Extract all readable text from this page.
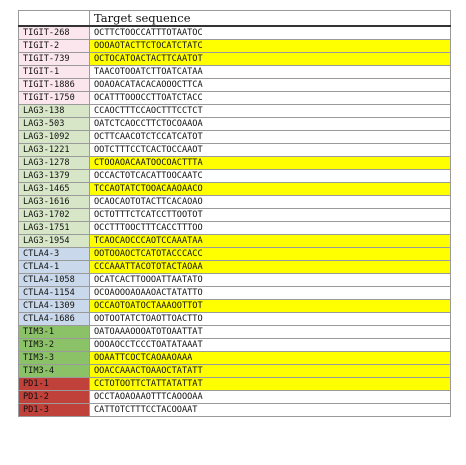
	Target sequence
TIGIT-268	OCTTCTOOCCATTTOTAATOC
TIGIT-2	OOOAOTACTTCTOCATCTATC
TIGIT-739	OCTOCATOACTACTTCAATOT
TIGIT-1	TAACOTOOATCTTOATCATAA
TIGIT-1886	OOAOACATACACAOOOCTTCA
TIGIT-1750	OCATTTOOOCCTTOATCTACC
LAG3-138	CCAOCTTTCCAOCTTTCCTCT
LAG3-503	OATCTCAOCCTTCTOCOAAOA
LAG3-1092	OCTTCAACOTCTCCATCATOT
LAG3-1221	OOTCTTTCCTCACTOCCAAOT
LAG3-1278	CTOOAOACAATOOCOACTTTA
LAG3-1379	OCCACTOTCACATTOOCAATC
LAG3-1465	TCCAOTATCTOOACAAOAACO
LAG3-1616	OCAOCAOTOTACTTCACAOAO
LAG3-1702	OCTOTTTCTCATCCTTOOTOT
LAG3-1751	OCCTTTOOCTTTCACCTTTOO
LAG3-1954	TCAOCAOCCCAOTCCAAATAA
CTLA4-3	OOTOOAOCTCATOTACCCACC
CTLA4-1	CCCAAATTACOTOTACTAOAA
CTLA4-1058	OCATCACTTOOOATTAATATO
CTLA4-1154	OCOAOOOAOAAOACTATATTO
CTLA4-1309	OCCAOTOATOCTAAAOOTTOT
CTLA4-1686	OOTOOTATCTOAOTTOACTTO
TIM3-1	OATOAAAOOOATOTOAATTAT
TIM3-2	OOOAOCCTCCCTOATATAAAT
TIM3-3	OOAATTCOCTCAOAAOAAA
TIM3-4	OOACCAAACTOAAOCTATATT
PD1-1	CCTOTOOTTCTATTATATTAT
PD1-2	OCCTAOAOAAOTTTCAOOOAA
PD1-3	CATTOTCTTTCCTACOOAAT
